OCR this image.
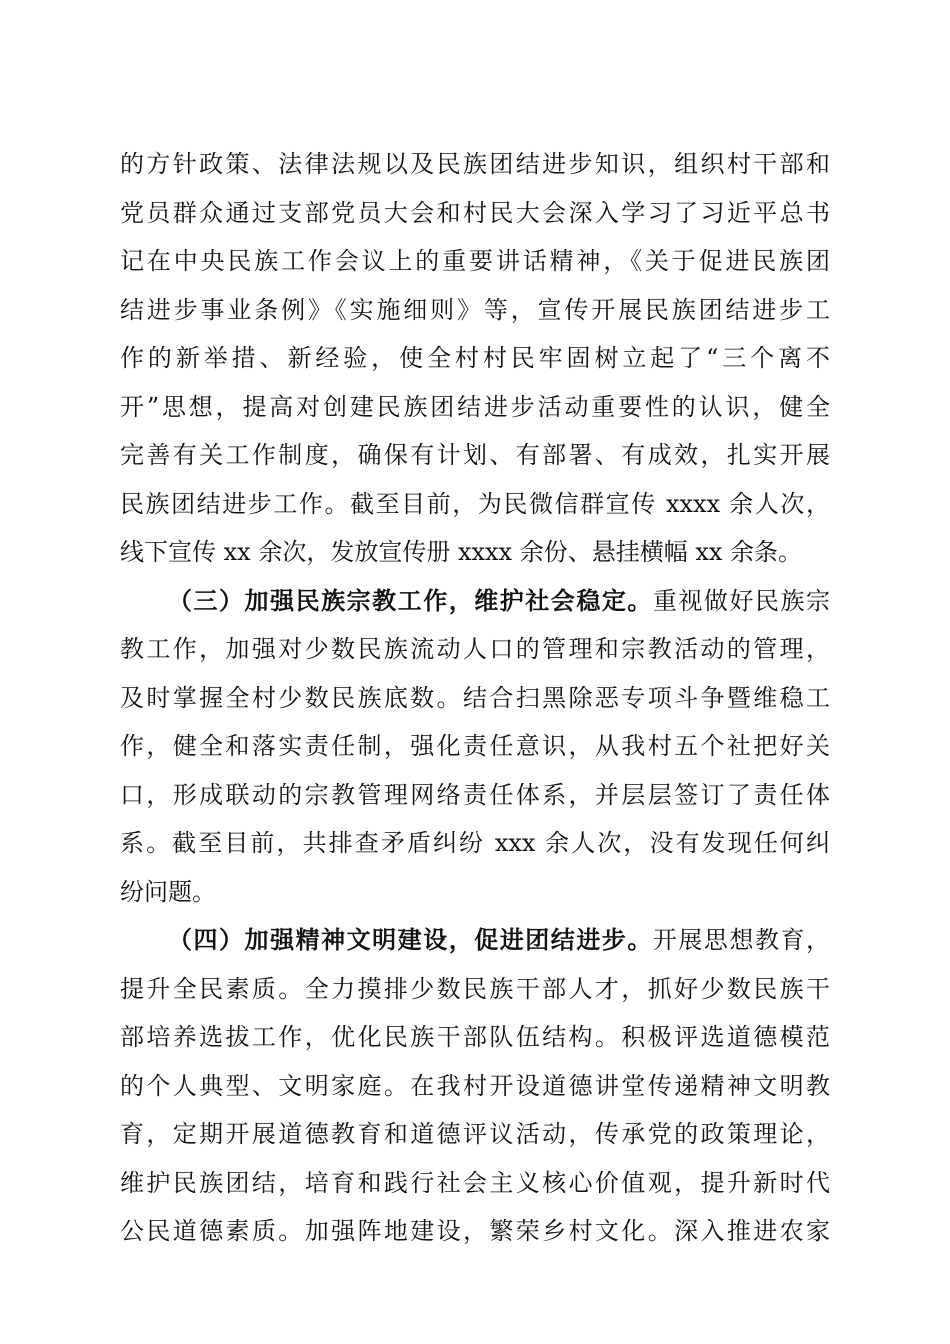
的方针政策、法律法规以及民族团结进步知识，组织村干部和
党员群众通过支部党员大会和村民大会深入学习了习近平总书
记在中央民族工作会议上的重要讲话精神，《关于促进民族团
结进步事业条例》《实施细则》等，宣传开展民族团结进步工
作的新举措、新经验，使全村村民牢固树立起了“三个离不
开”思想，提高对创建民族团结进步活动重要性的认识，健全
完善有关工作制度，确保有计划、有部署、有成效，扎实开展
民族团结进步工作。截至目前，为民微信群宣传 xxxx 余人次，
线下宣传 xx 余次，发放宣传册 xxxx 余份、悬挂横幅 xx 余条。
（三）加强民族宗教工作，维护社会稳定。重视做好民族宗
教工作，加强对少数民族流动人口的管理和宗教活动的管理，
及时掌握全村少数民族底数。结合扫黑除恶专项斗争暨维稳工
作，健全和落实责任制，强化责任意识，从我村五个社把好关
口，形成联动的宗教管理网络责任体系，并层层签订了责任体
系。截至目前，共排查矛盾纠纷 xxx 余人次，没有发现任何纠
纷问题。
（四）加强精神文明建设，促进团结进步。开展思想教育，
提升全民素质。全力摸排少数民族干部人才，抓好少数民族干
部培养选拔工作，优化民族干部队伍结构。积极评选道德模范
的个人典型、文明家庭。在我村开设道德讲堂传递精神文明教
育，定期开展道德教育和道德评议活动，传承党的政策理论，
维护民族团结，培育和践行社会主义核心价值观，提升新时代
公民道德素质。加强阵地建设，繁荣乡村文化。深入推进农家
